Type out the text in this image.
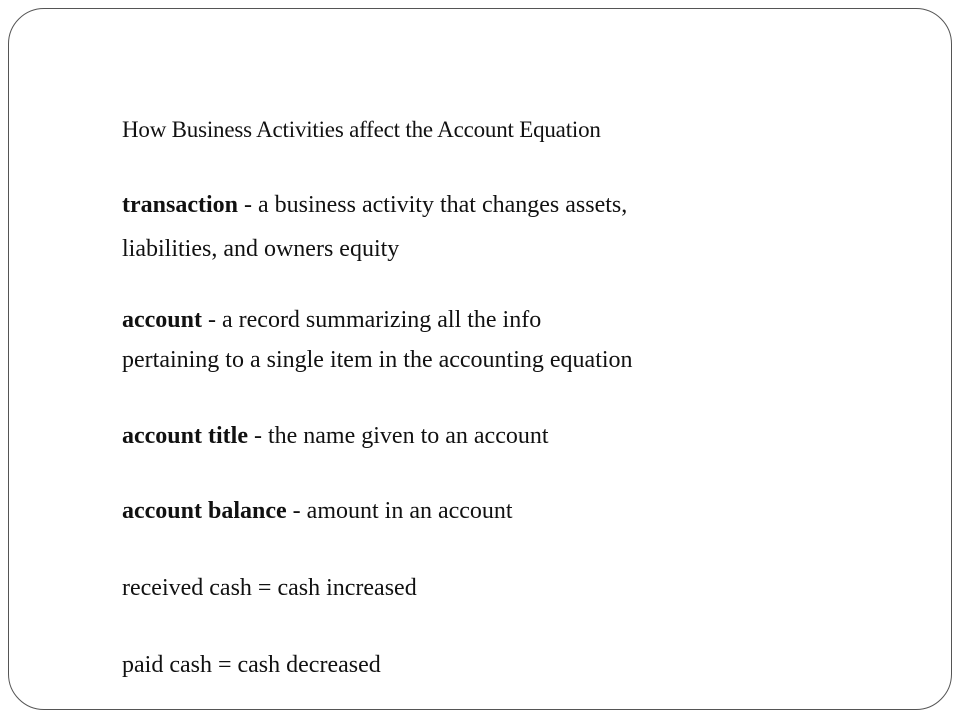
How Business Activities affect the Account Equation
transaction - a business activity that changes assets,
liabilities, and owners equity
account - a record summarizing all the info
pertaining to a single item in the accounting equation
account title - the name given to an account
account balance - amount in an account
received cash = cash increased
paid cash = cash decreased
